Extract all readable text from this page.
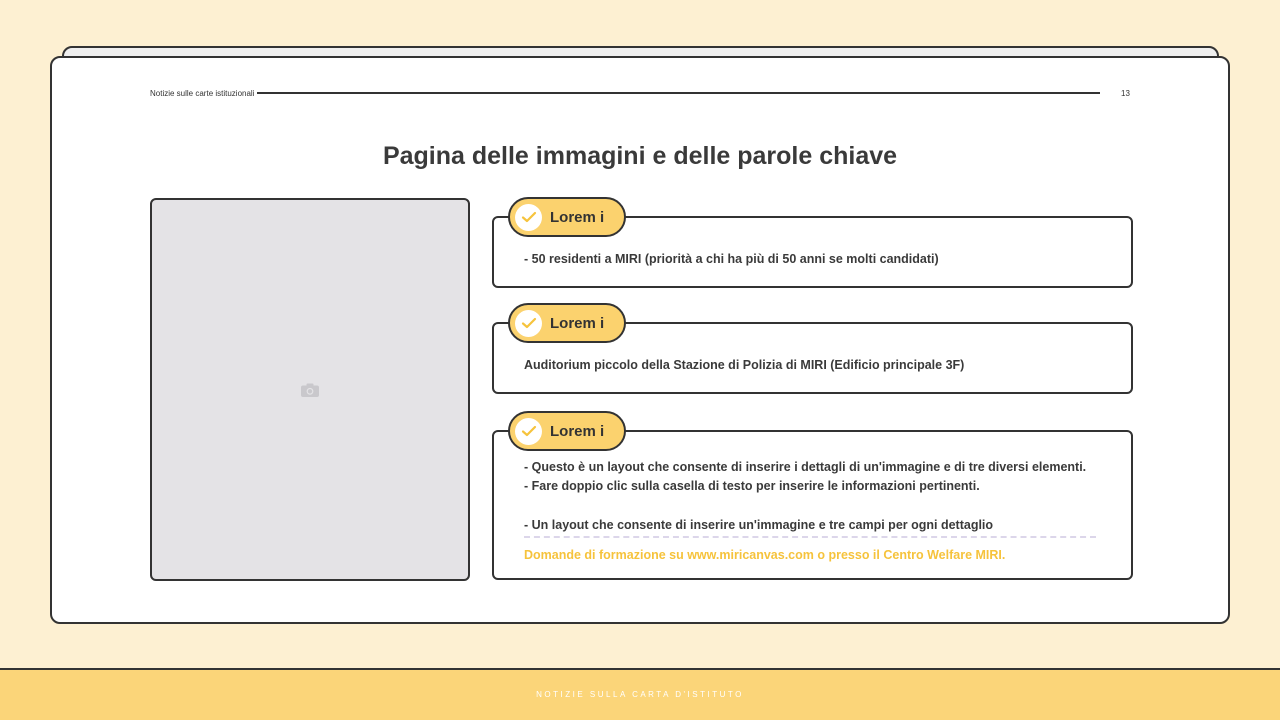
Notizie sulle carte istituzionali	13
Pagina delle immagini e delle parole chiave
- 50 residenti a MIRI (priorità a chi ha più di 50 anni se molti candidati)
Lorem i
Auditorium piccolo della Stazione di Polizia di MIRI (Edificio principale 3F)
Lorem i
- Questo è un layout che consente di inserire i dettagli di un'immagine e di tre diversi elementi.
- Fare doppio clic sulla casella di testo per inserire le informazioni pertinenti.
- Un layout che consente di inserire un'immagine e tre campi per ogni dettaglio
Domande di formazione su www.miricanvas.com o presso il Centro Welfare MIRI.
Lorem i
NOTIZIE SULLA CARTA D'ISTITUTO
